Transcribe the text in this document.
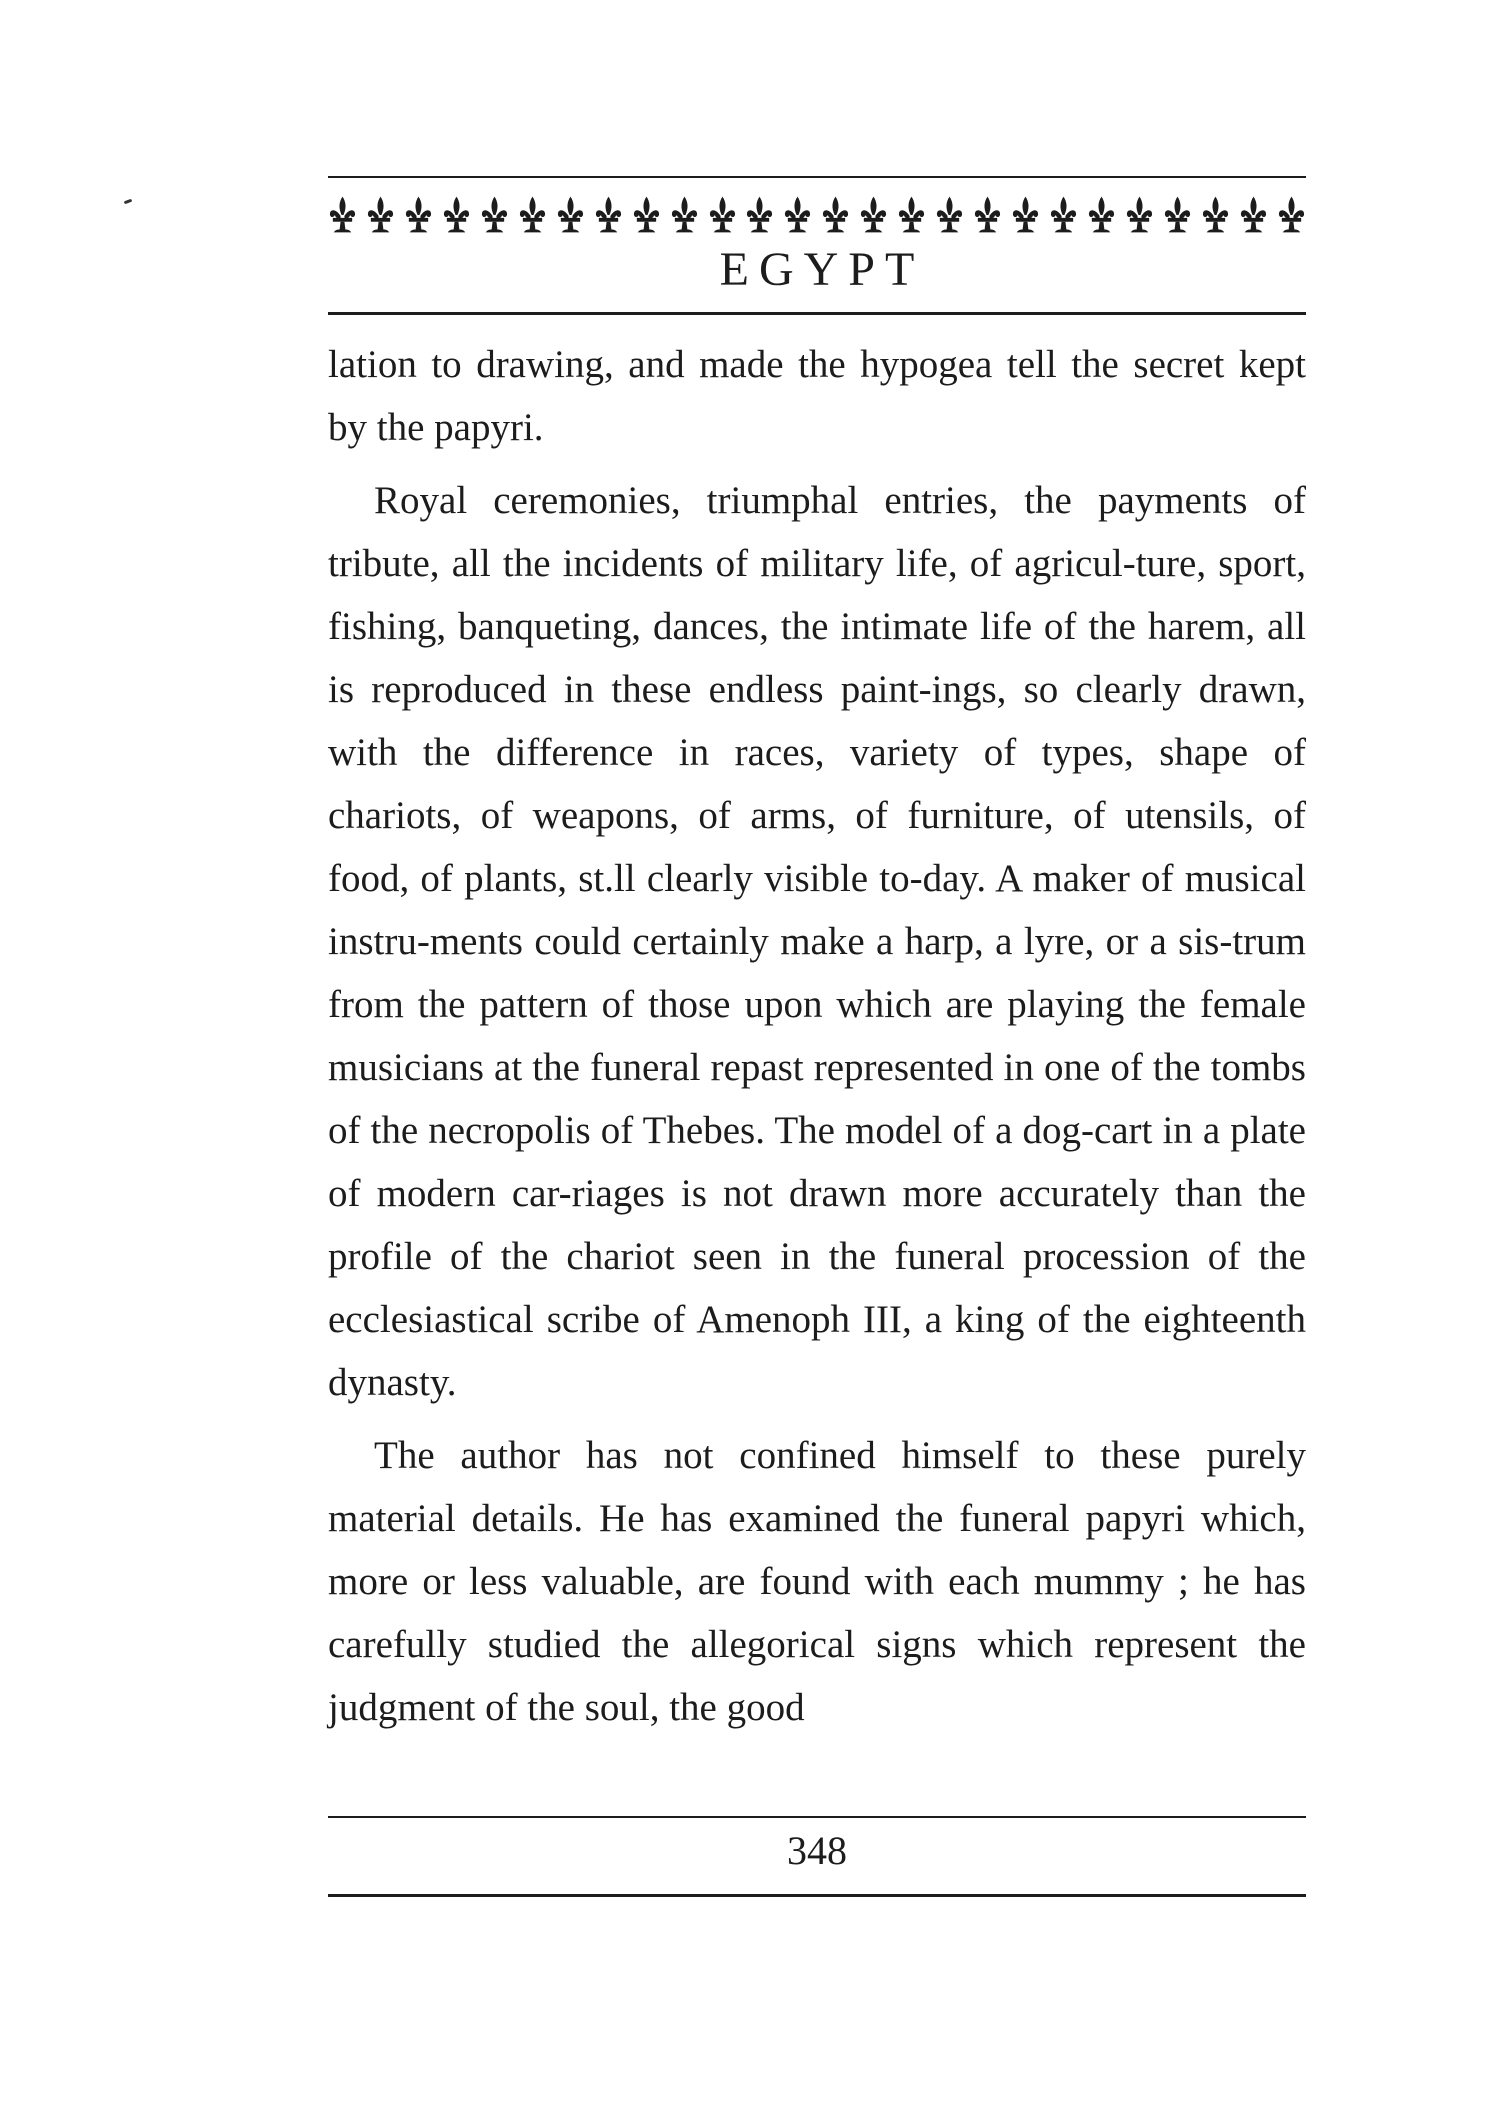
EGYPT

lation to drawing, and made the hypogea tell the secret kept by the papyri.

Royal ceremonies, triumphal entries, the payments of tribute, all the incidents of military life, of agricul-ture, sport, fishing, banqueting, dances, the intimate life of the harem, all is reproduced in these endless paint-ings, so clearly drawn, with the difference in races, variety of types, shape of chariots, of weapons, of arms, of furniture, of utensils, of food, of plants, st.ll clearly visible to-day. A maker of musical instru-ments could certainly make a harp, a lyre, or a sis-trum from the pattern of those upon which are playing the female musicians at the funeral repast represented in one of the tombs of the necropolis of Thebes. The model of a dog-cart in a plate of modern car-riages is not drawn more accurately than the profile of the chariot seen in the funeral procession of the ecclesiastical scribe of Amenoph III, a king of the eighteenth dynasty.

The author has not confined himself to these purely material details. He has examined the funeral papyri which, more or less valuable, are found with each mummy ; he has carefully studied the allegorical signs which represent the judgment of the soul, the good

348
